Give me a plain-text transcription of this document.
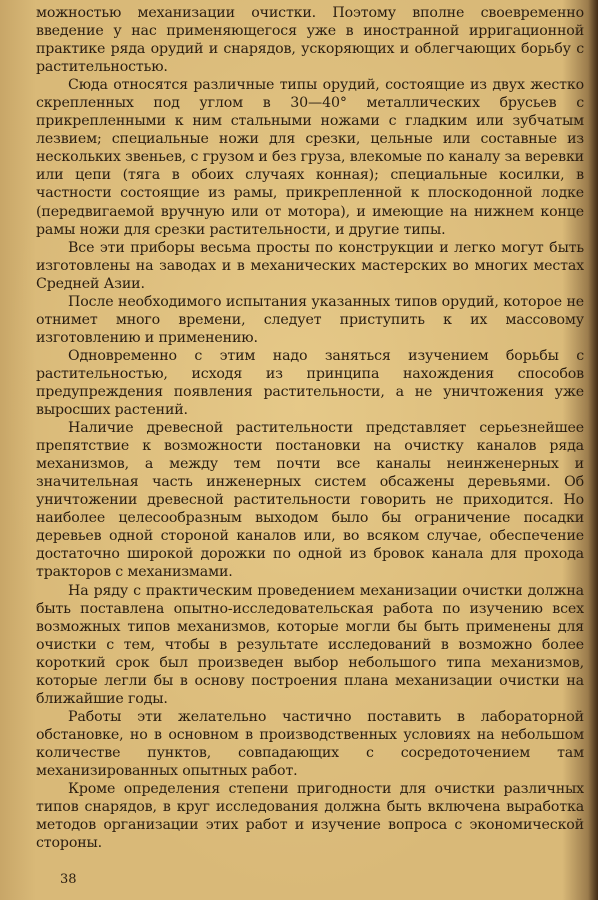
можностью механизации очистки. Поэтому вполне своевременно введение у нас применяющегося уже в иностранной ирригационной практике ряда орудий и снарядов, ускоряющих и облегчающих борьбу с растительностью.

Сюда относятся различные типы орудий, состоящие из двух жестко скрепленных под углом в 30—40° металлических брусьев с прикрепленными к ним стальными ножами с гладким или зубчатым лезвием; специальные ножи для срезки, цельные или составные из нескольких звеньев, с грузом и без груза, влекомые по каналу за веревки или цепи (тяга в обоих случаях конная); специальные косилки, в частности состоящие из рамы, прикрепленной к плоскодонной лодке (передвигаемой вручную или от мотора), и имеющие на нижнем конце рамы ножи для срезки растительности, и другие типы.

Все эти приборы весьма просты по конструкции и легко могут быть изготовлены на заводах и в механических мастерских во многих местах Средней Азии.

После необходимого испытания указанных типов орудий, которое не отнимет много времени, следует приступить к их массовому изготовлению и применению.

Одновременно с этим надо заняться изучением борьбы с растительностью, исходя из принципа нахождения способов предупреждения появления растительности, а не уничтожения уже выросших растений.

Наличие древесной растительности представляет серьезнейшее препятствие к возможности постановки на очистку каналов ряда механизмов, а между тем почти все каналы неинженерных и значительная часть инженерных систем обсажены деревьями. Об уничтожении древесной растительности говорить не приходится. Но наиболее целесообразным выходом было бы ограничение посадки деревьев одной стороной каналов или, во всяком случае, обеспечение достаточно широкой дорожки по одной из бровок канала для прохода тракторов с механизмами.

На ряду с практическим проведением механизации очистки должна быть поставлена опытно-исследовательская работа по изучению всех возможных типов механизмов, которые могли бы быть применены для очистки с тем, чтобы в результате исследований в возможно более короткий срок был произведен выбор небольшого типа механизмов, которые легли бы в основу построения плана механизации очистки на ближайшие годы.

Работы эти желательно частично поставить в лабораторной обстановке, но в основном в производственных условиях на небольшом количестве пунктов, совпадающих с сосредоточением там механизированных опытных работ.

Кроме определения степени пригодности для очистки различных типов снарядов, в круг исследования должна быть включена выработка методов организации этих работ и изучение вопроса с экономической стороны.

38
